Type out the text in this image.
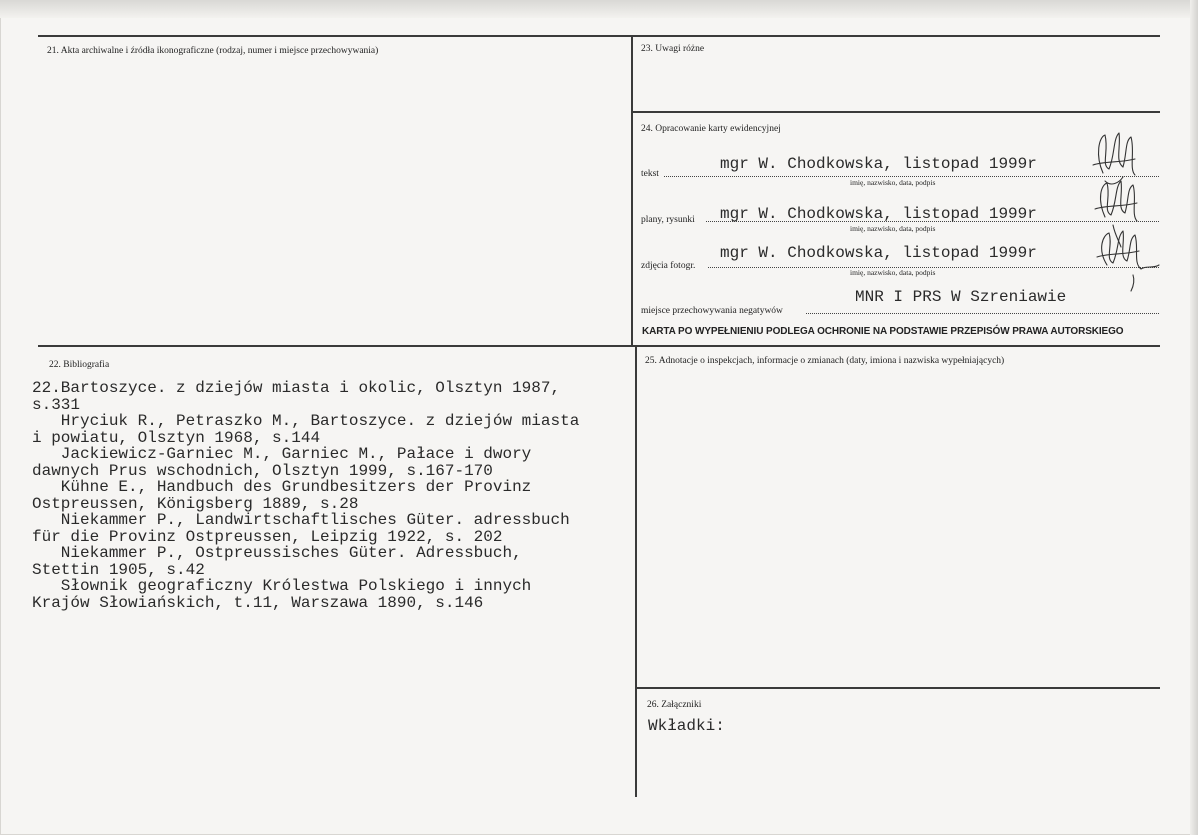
21. Akta archiwalne i źródła ikonograficzne (rodzaj, numer i miejsce przechowywania)	23. Uwagi różne
24. Opracowanie karty ewidencyjnej
tekst
mgr W. Chodkowska, listopad 1999r
imię, nazwisko, data, podpis
plany, rysunki mgr W. Chodkowska, listopad 1999r
imię, nazwisko, data, podpis
zdjęcia fotogr.
mgr W. Chodkowska, listopad 1999r
imię, nazwisko, data, podpis
miejsce przechowywania negatywów
MNR I PRS W Szreniawie
KARTA PO WYPEŁNIENIU PODLEGA OCHRONIE NA PODSTAWIE PRZEPISÓW PRAWA AUTORSKIEGO
22. Bibliografia
22.Bartoszyce. z dziejów miasta i okolic, Olsztyn 1987,
s.331
Hryciuk R., Petraszko M., Bartoszyce. z dziejów miasta
i powiatu, Olsztyn 1968, s.144
Jackiewicz-Garniec M., Garniec M., Pałace i dwory
dawnych Prus wschodnich, Olsztyn 1999, s.167-170
Kühne E., Handbuch des Grundbesitzers der Provinz
Ostpreussen, Königsberg 1889, s.28
Niekammer P., Landwirtschaftlisches Güter. adressbuch
für die Provinz Ostpreussen, Leipzig 1922, s. 202
Niekammer P., Ostpreussisches Güter. Adressbuch,
Stettin 1905, s.42
Słownik geograficzny Królestwa Polskiego i innych
Krajów Słowiańskich, t.11, Warszawa 1890, s.146
25. Adnotacje o inspekcjach, informacje o zmianach (daty, imiona i nazwiska wypełniających)
26. Załączniki
Wkładki:
